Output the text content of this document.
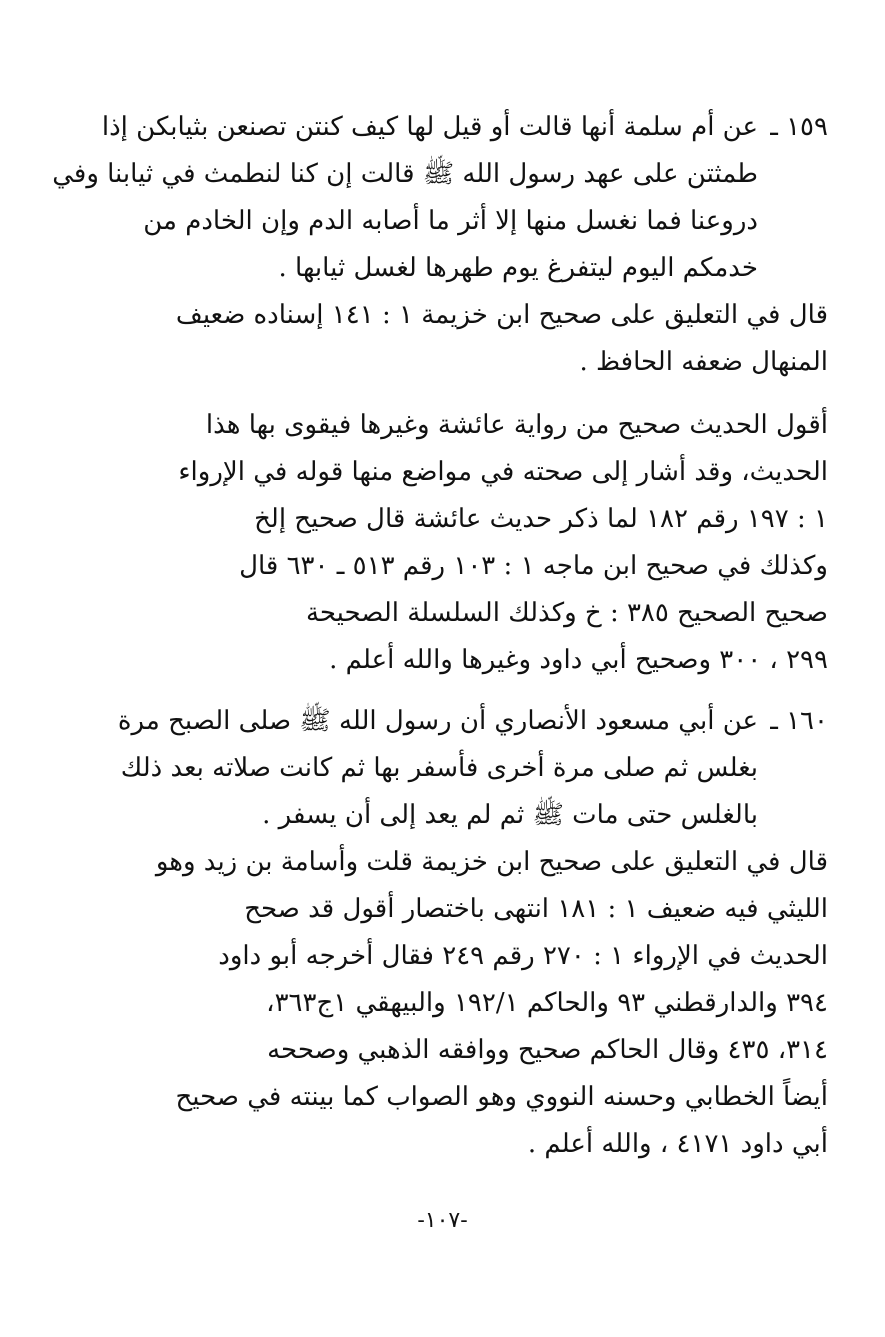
١٥٩ ـعن أم سلمة أنها قالت أو قيل لها كيف كنتن تصنعن بثيابكن إذا
طمثتن على عهد رسول الله ﷺ قالت إن كنا لنطمث في ثيابنا وفي
دروعنا فما نغسل منها إلا أثر ما أصابه الدم وإن الخادم من
خدمكم اليوم ليتفرغ يوم طهرها لغسل ثيابها .
قال في التعليق على صحيح ابن خزيمة ١ : ١٤١ إسناده ضعيف
المنهال ضعفه الحافظ .
أقول الحديث صحيح من رواية عائشة وغيرها فيقوى بها هذا
الحديث، وقد أشار إلى صحته في مواضع منها قوله في الإرواء
١ : ١٩٧ رقم ١٨٢ لما ذكر حديث عائشة قال صحيح إلخ
وكذلك في صحيح ابن ماجه ١ : ١٠٣ رقم ٥١٣ ـ ٦٣٠ قال
صحيح الصحيح ٣٨٥ : خ وكذلك السلسلة الصحيحة
٢٩٩ ، ٣٠٠ وصحيح أبي داود وغيرها والله أعلم .
١٦٠ ـعن أبي مسعود الأنصاري أن رسول الله ﷺ صلى الصبح مرة
بغلس ثم صلى مرة أخرى فأسفر بها ثم كانت صلاته بعد ذلك
بالغلس حتى مات ﷺ ثم لم يعد إلى أن يسفر .
قال في التعليق على صحيح ابن خزيمة قلت وأسامة بن زيد وهو
الليثي فيه ضعيف ١ : ١٨١ انتهى باختصار أقول قد صحح
الحديث في الإرواء ١ : ٢٧٠ رقم ٢٤٩ فقال أخرجه أبو داود
٣٩٤ والدارقطني ٩٣ والحاكم ١٩٢/١ والبيهقي ١ج٣٦٣،
٣١٤، ٤٣٥ وقال الحاكم صحيح ووافقه الذهبي وصححه
أيضاً الخطابي وحسنه النووي وهو الصواب كما بينته في صحيح
أبي داود ٤١٧١ ، والله أعلم .
-١٠٧-
